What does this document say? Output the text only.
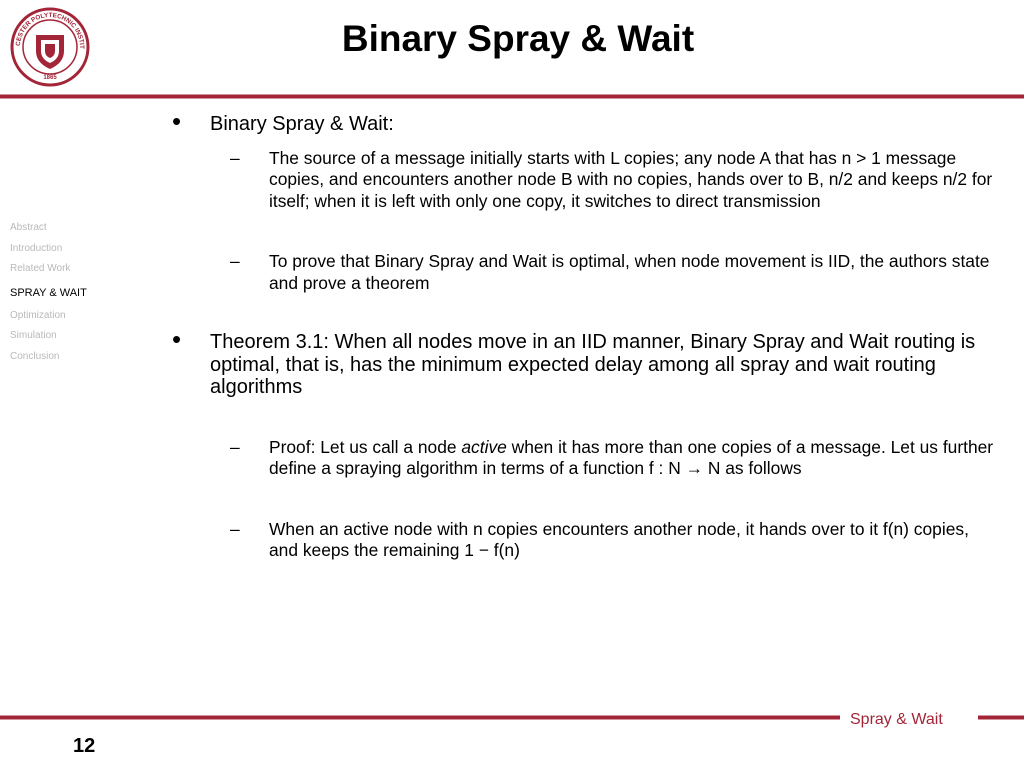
CESTER POLYTECHNIC INSTIT
1865
Binary Spray & Wait
Abstract
Introduction
Related Work
SPRAY & WAIT
Optimization
Simulation
Conclusion
• Binary Spray & Wait:
– The source of a message initially starts with L copies; any node A that has n > 1 message copies, and encounters another node B with no copies, hands over to B, n/2 and keeps n/2 for itself; when it is left with only one copy, it switches to direct transmission
– To prove that Binary Spray and Wait is optimal, when node movement is IID, the authors state and prove a theorem
• Theorem 3.1: When all nodes move in an IID manner, Binary Spray and Wait routing is optimal, that is, has the minimum expected delay among all spray and wait routing algorithms
– Proof: Let us call a node active when it has more than one copies of a message. Let us further define a spraying algorithm in terms of a function f : N → N as follows
– When an active node with n copies encounters another node, it hands over to it f(n) copies, and keeps the remaining 1 − f(n)
Spray & Wait
12
